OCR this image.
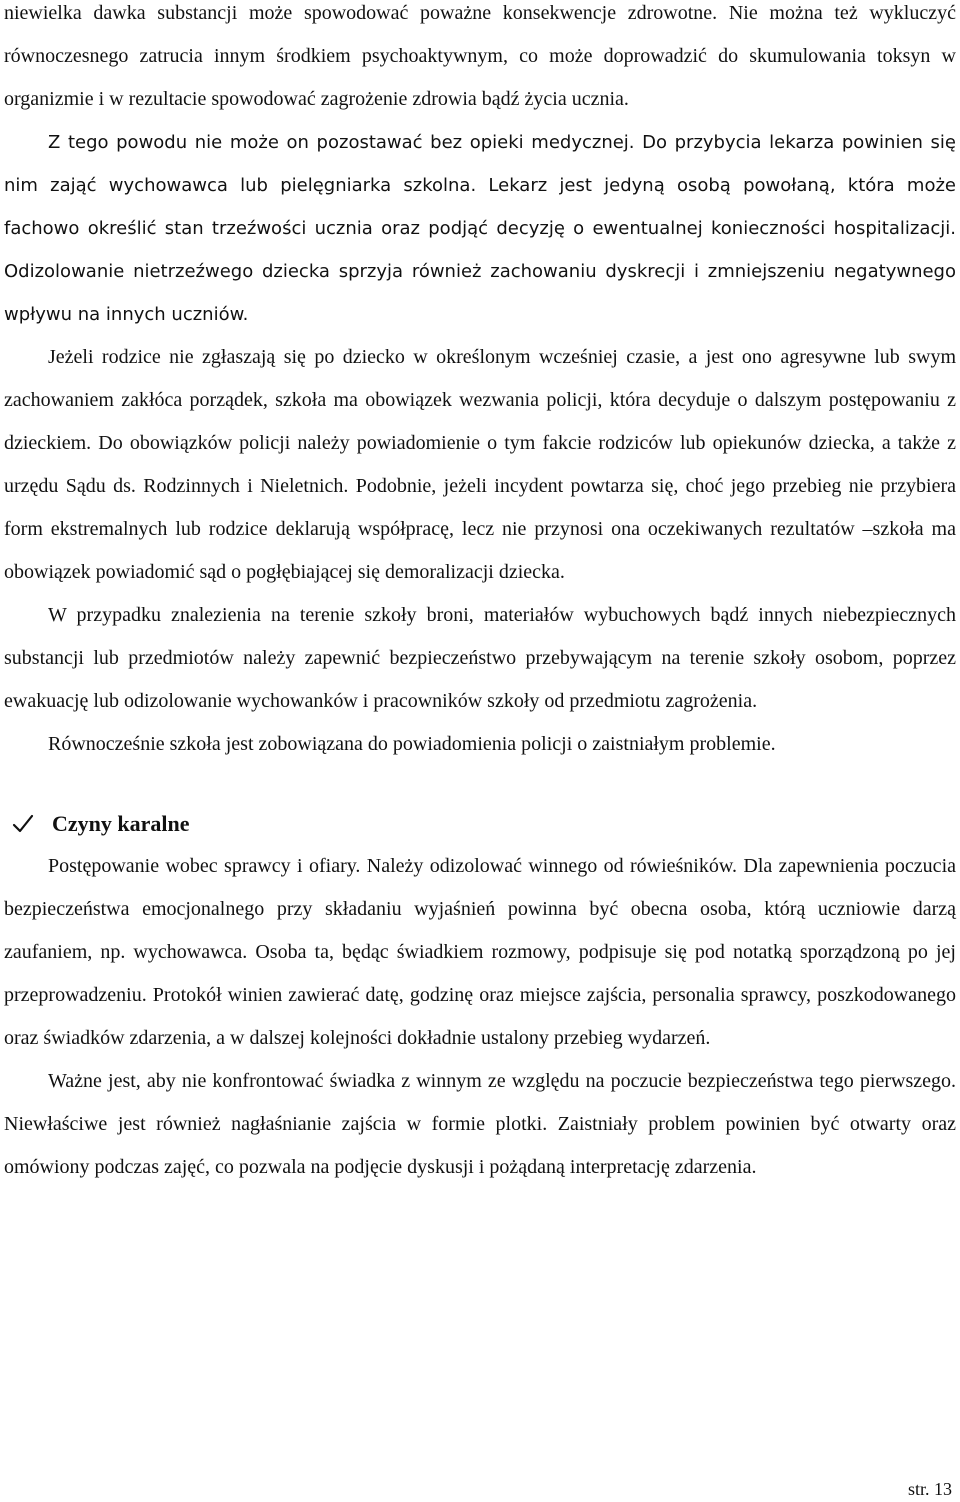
niewielka dawka substancji może spowodować poważne konsekwencje zdrowotne. Nie można też wykluczyć równoczesnego zatrucia innym środkiem psychoaktywnym, co może doprowadzić do skumulowania toksyn w organizmie i w rezultacie spowodować zagrożenie zdrowia bądź życia ucznia.

Z tego powodu nie może on pozostawać bez opieki medycznej. Do przybycia lekarza powinien się nim zająć wychowawca lub pielęgniarka szkolna. Lekarz jest jedyną osobą powołaną, która może fachowo określić stan trzeźwości ucznia oraz podjąć decyzję o ewentualnej konieczności hospitalizacji. Odizolowanie nietrzeźwego dziecka sprzyja również zachowaniu dyskrecji i zmniejszeniu negatywnego wpływu na innych uczniów.

Jeżeli rodzice nie zgłaszają się po dziecko w określonym wcześniej czasie, a jest ono agresywne lub swym zachowaniem zakłóca porządek, szkoła ma obowiązek wezwania policji, która decyduje o dalszym postępowaniu z dzieckiem. Do obowiązków policji należy powiadomienie o tym fakcie rodziców lub opiekunów dziecka, a także z urzędu Sądu ds. Rodzinnych i Nieletnich. Podobnie, jeżeli incydent powtarza się, choć jego przebieg nie przybiera form ekstremalnych lub rodzice deklarują współpracę, lecz nie przynosi ona oczekiwanych rezultatów –szkoła ma obowiązek powiadomić sąd o pogłębiającej się demoralizacji dziecka.

W przypadku znalezienia na terenie szkoły broni, materiałów wybuchowych bądź innych niebezpiecznych substancji lub przedmiotów należy zapewnić bezpieczeństwo przebywającym na terenie szkoły osobom, poprzez ewakuację lub odizolowanie wychowanków i pracowników szkoły od przedmiotu zagrożenia.

Równocześnie szkoła jest zobowiązana do powiadomienia policji o zaistniałym problemie.

Czyny karalne

Postępowanie wobec sprawcy i ofiary. Należy odizolować winnego od rówieśników. Dla zapewnienia poczucia bezpieczeństwa emocjonalnego przy składaniu wyjaśnień powinna być obecna osoba, którą uczniowie darzą zaufaniem, np. wychowawca. Osoba ta, będąc świadkiem rozmowy, podpisuje się pod notatką sporządzoną po jej przeprowadzeniu. Protokół winien zawierać datę, godzinę oraz miejsce zajścia, personalia sprawcy, poszkodowanego oraz świadków zdarzenia, a w dalszej kolejności dokładnie ustalony przebieg wydarzeń.

Ważne jest, aby nie konfrontować świadka z winnym ze względu na poczucie bezpieczeństwa tego pierwszego. Niewłaściwe jest również nagłaśnianie zajścia w formie plotki. Zaistniały problem powinien być otwarty oraz omówiony podczas zajęć, co pozwala na podjęcie dyskusji i pożądaną interpretację zdarzenia.

str. 13
